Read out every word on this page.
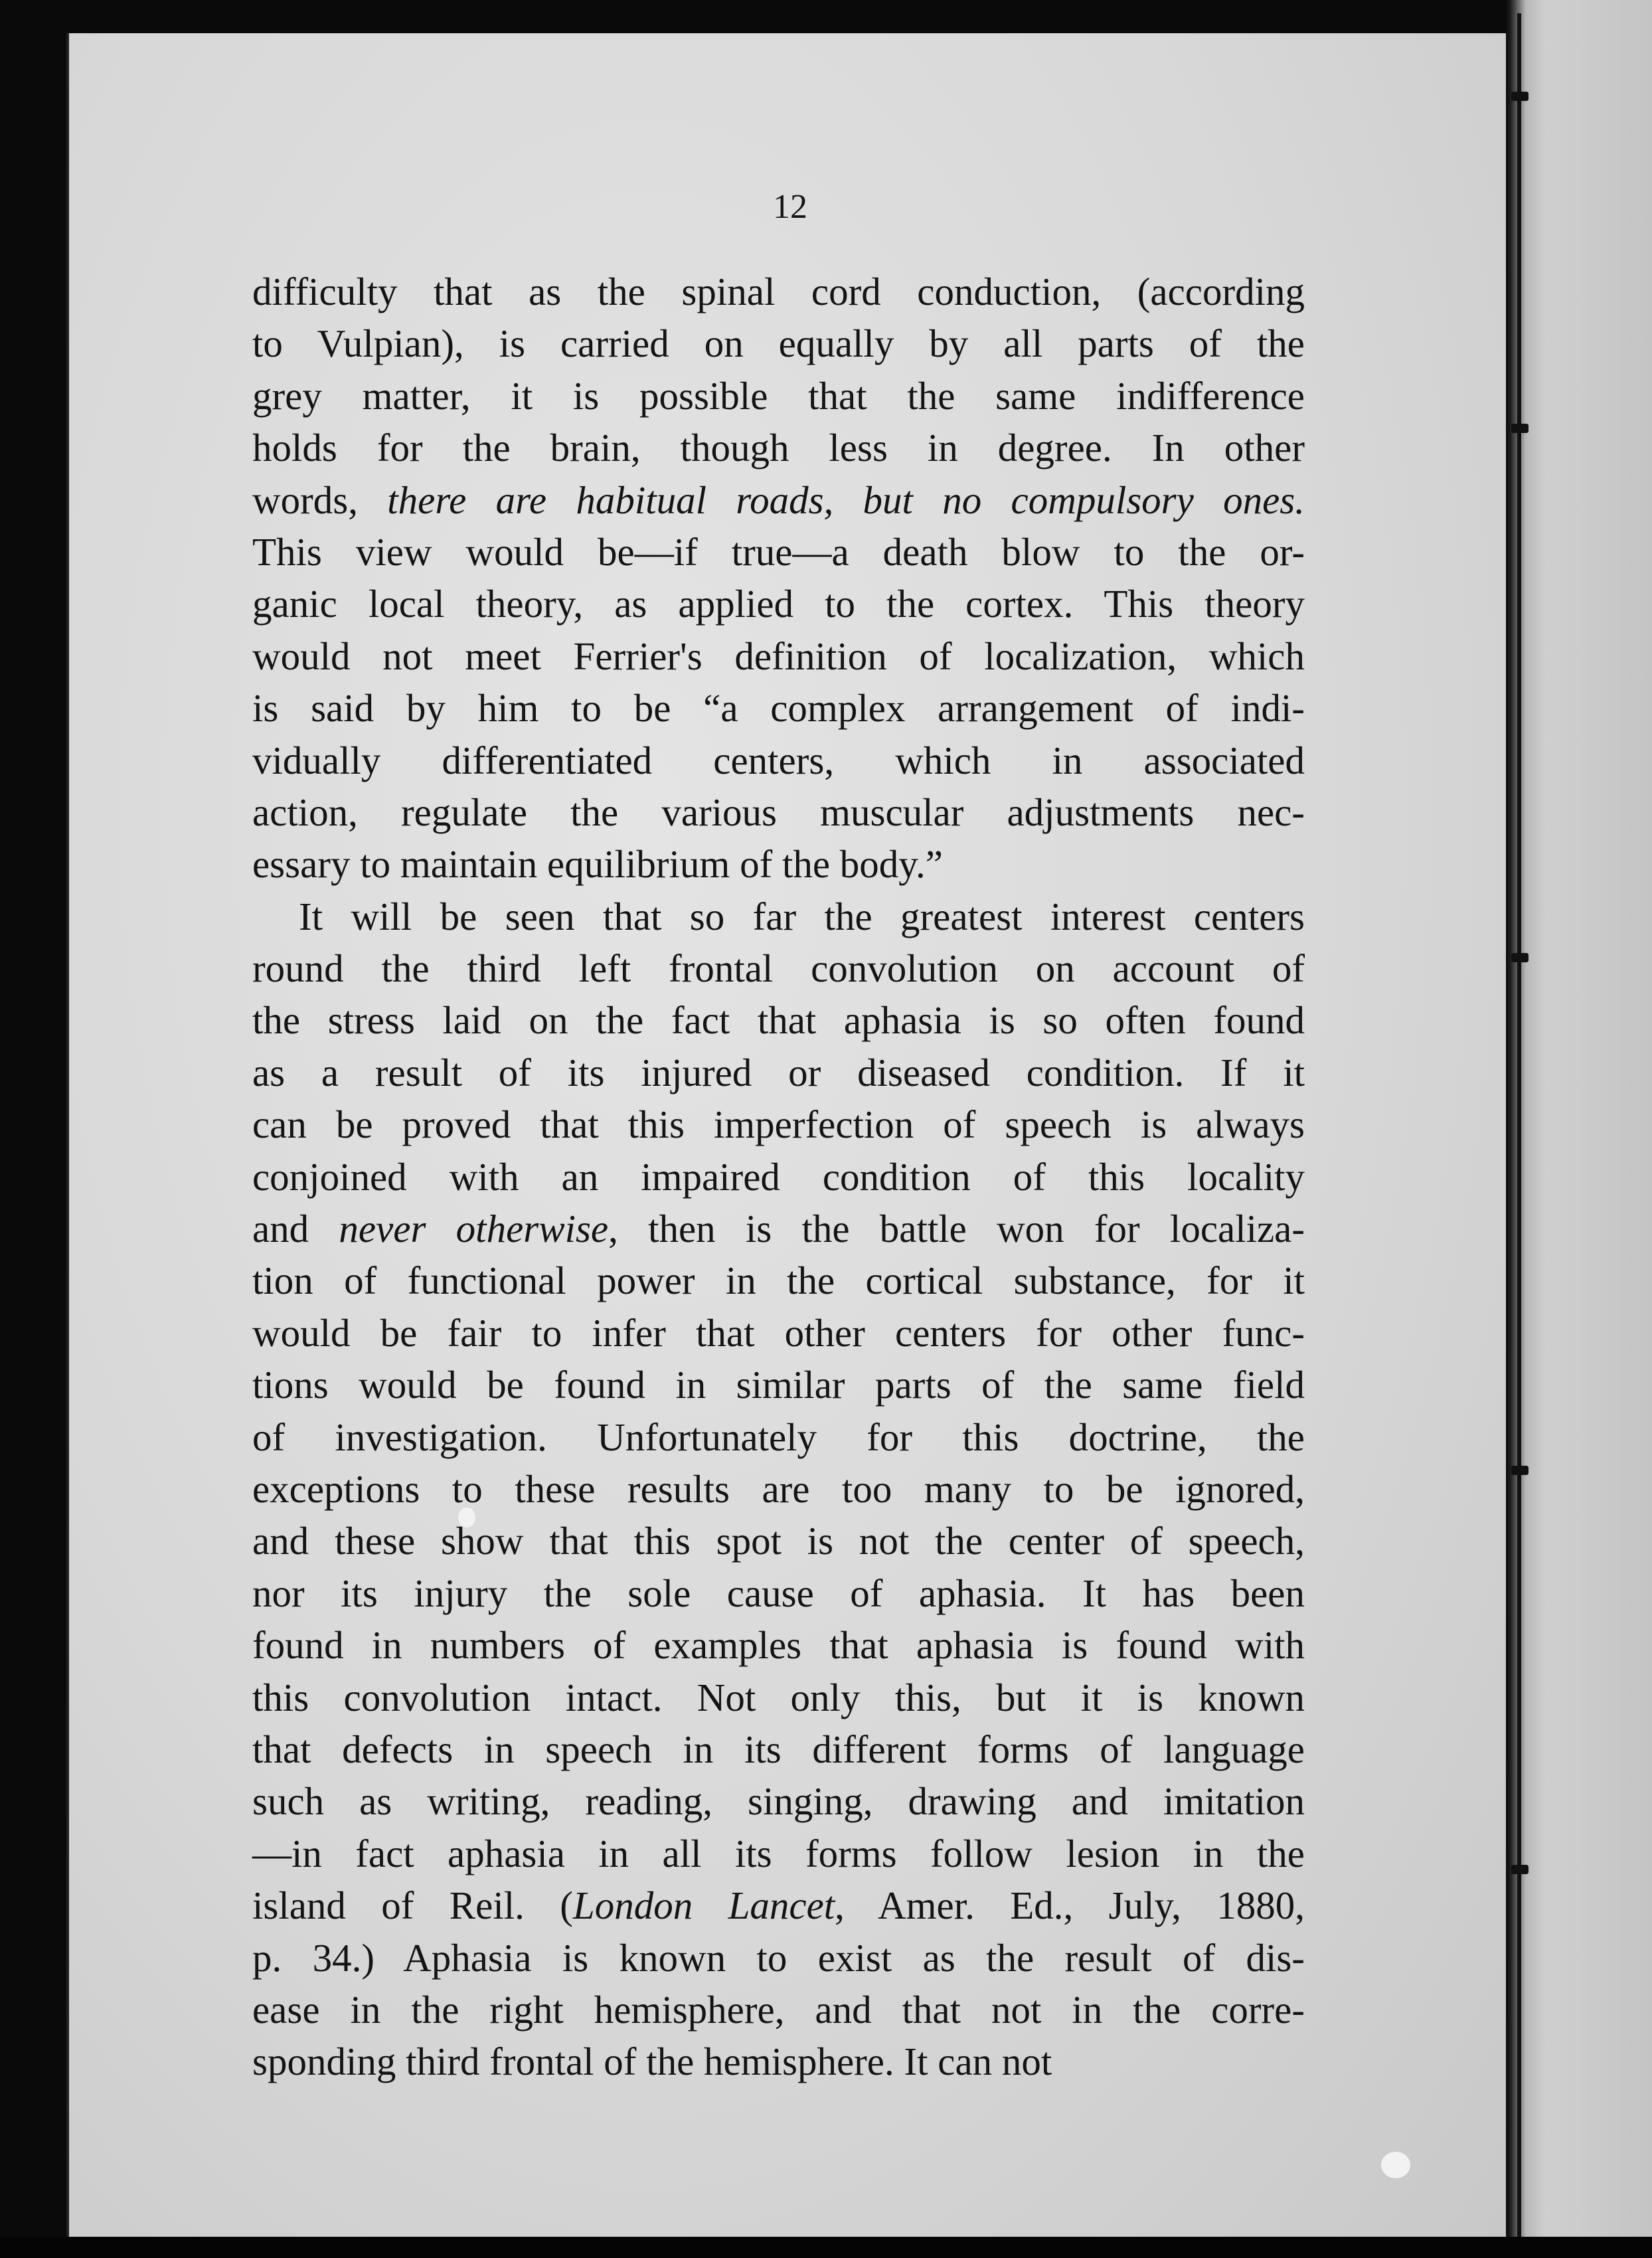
12
difficulty that as the spinal cord conduction, (according
to Vulpian), is carried on equally by all parts of the
grey matter, it is possible that the same indifference
holds for the brain, though less in degree. In other
words, there are habitual roads, but no compulsory ones.
This view would be—if true—a death blow to the or-
ganic local theory, as applied to the cortex. This theory
would not meet Ferrier's definition of localization, which
is said by him to be “a complex arrangement of indi-
vidually differentiated centers, which in associated
action, regulate the various muscular adjustments nec-
essary to maintain equilibrium of the body.”
It will be seen that so far the greatest interest centers
round the third left frontal convolution on account of
the stress laid on the fact that aphasia is so often found
as a result of its injured or diseased condition. If it
can be proved that this imperfection of speech is always
conjoined with an impaired condition of this locality
and never otherwise, then is the battle won for localiza-
tion of functional power in the cortical substance, for it
would be fair to infer that other centers for other func-
tions would be found in similar parts of the same field
of investigation. Unfortunately for this doctrine, the
exceptions to these results are too many to be ignored,
and these show that this spot is not the center of speech,
nor its injury the sole cause of aphasia. It has been
found in numbers of examples that aphasia is found with
this convolution intact. Not only this, but it is known
that defects in speech in its different forms of language
such as writing, reading, singing, drawing and imitation
—in fact aphasia in all its forms follow lesion in the
island of Reil. (London Lancet, Amer. Ed., July, 1880,
p. 34.) Aphasia is known to exist as the result of dis-
ease in the right hemisphere, and that not in the corre-
sponding third frontal of the hemisphere. It can not
